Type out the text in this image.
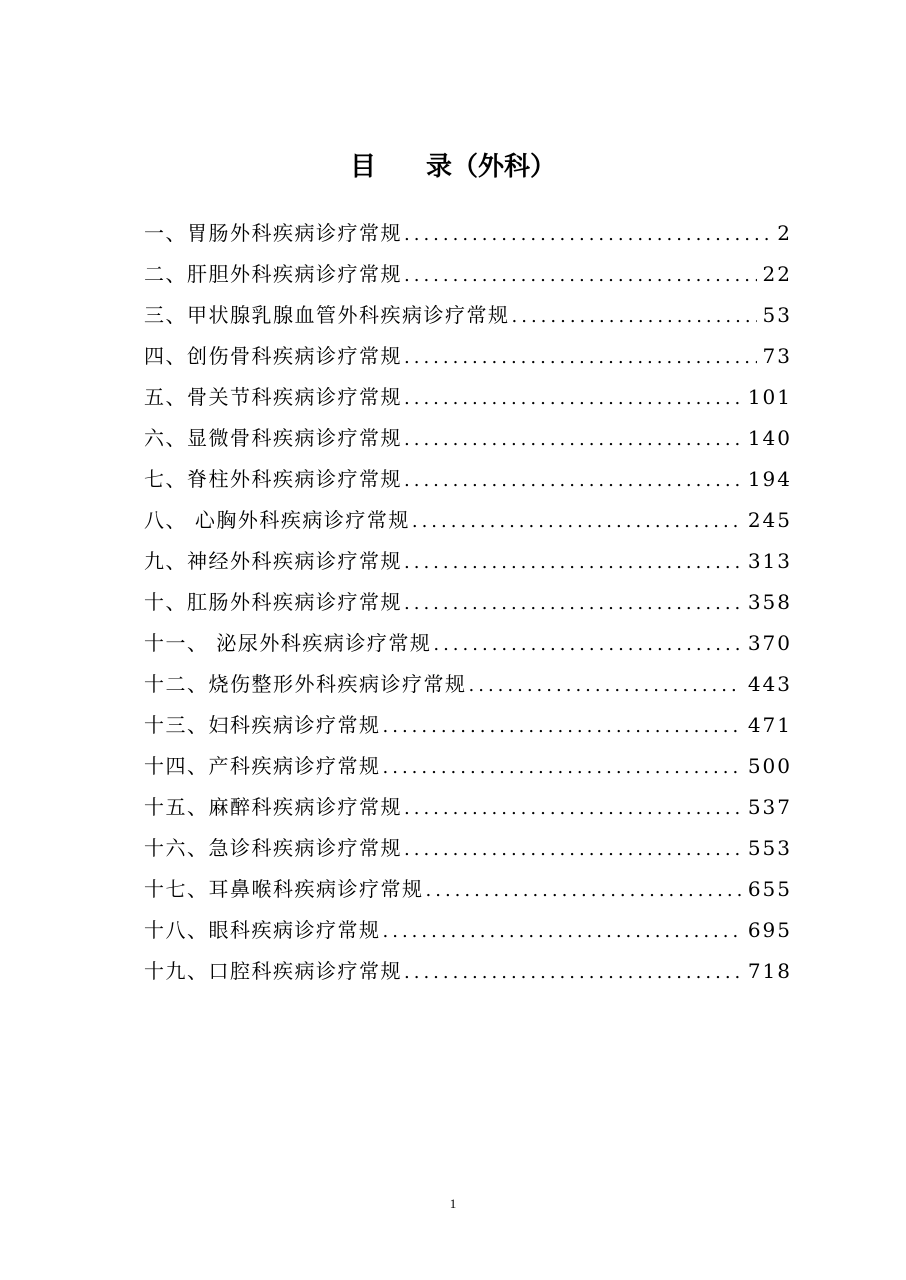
目 录（外科）
一、胃肠外科疾病诊疗常规 .....	2
二、肝胆外科疾病诊疗常规 .....	22
三、甲状腺乳腺血管外科疾病诊疗常规 .....	53
四、创伤骨科疾病诊疗常规 .....	73
五、骨关节科疾病诊疗常规 .....	101
六、显微骨科疾病诊疗常规 .....	140
七、脊柱外科疾病诊疗常规 .....	194
八、 心胸外科疾病诊疗常规 .....	245
九、神经外科疾病诊疗常规 .....	313
十、肛肠外科疾病诊疗常规 .....	358
十一、 泌尿外科疾病诊疗常规 .....	370
十二、烧伤整形外科疾病诊疗常规 .....	443
十三、妇科疾病诊疗常规 .....	471
十四、产科疾病诊疗常规 .....	500
十五、麻醉科疾病诊疗常规 .....	537
十六、急诊科疾病诊疗常规 .....	553
十七、耳鼻喉科疾病诊疗常规 .....	655
十八、眼科疾病诊疗常规 .....	695
十九、口腔科疾病诊疗常规 .....	718
1
